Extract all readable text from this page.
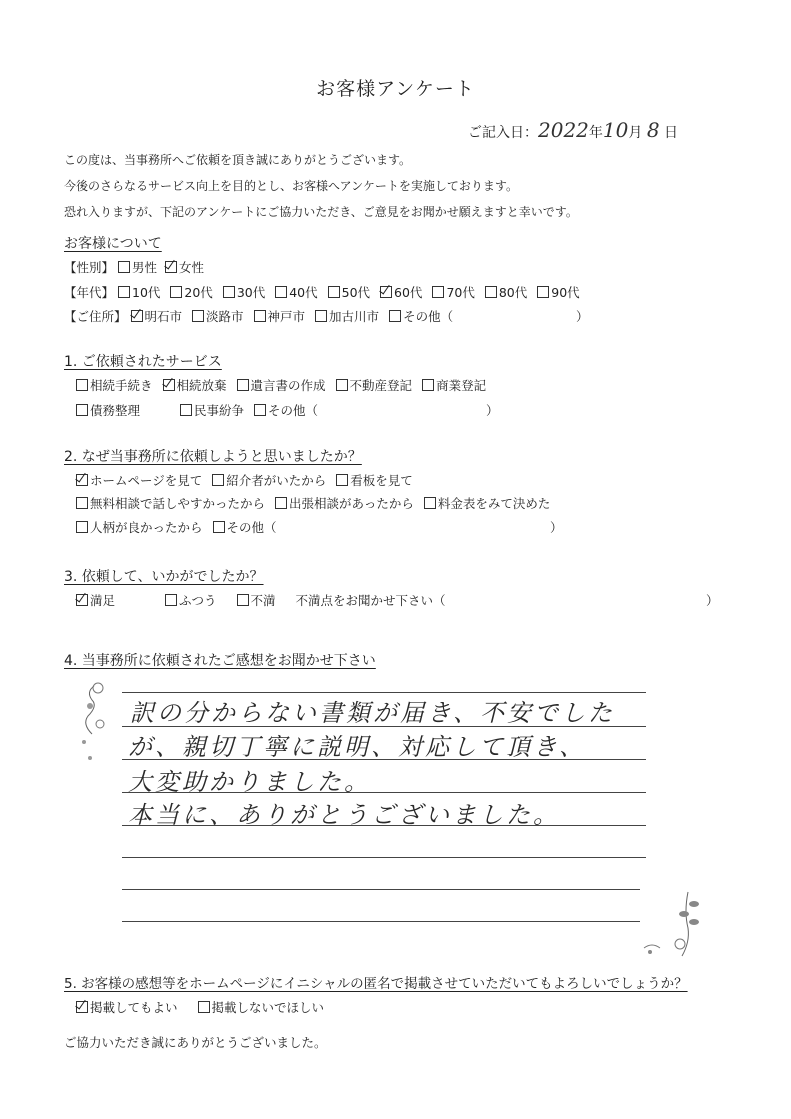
お客様アンケート
ご記入日：2022年10月 8 日
この度は、当事務所へご依頼を頂き誠にありがとうございます。
今後のさらなるサービス向上を目的とし、お客様へアンケートを実施しております。
恐れ入りますが、下記のアンケートにご協力いただき、ご意見をお聞かせ願えますと幸いです。
お客様について
【性別】 男性 女性
【年代】 10代 20代 30代 40代 50代 60代 70代 80代 90代
【ご住所】 明石市 淡路市 神戸市 加古川市 その他（	）
1. ご依頼されたサービス
相続手続き 相続放棄 遺言書の作成 不動産登記 商業登記
債務整理	民事紛争 その他（	）
2. なぜ当事務所に依頼しようと思いましたか？
ホームページを見て 紹介者がいたから 看板を見て
無料相談で話しやすかったから 出張相談があったから 料金表をみて決めた
人柄が良かったから その他（	）
3. 依頼して、いかがでしたか？
満足	ふつう	不満 不満点をお聞かせ下さい（	）
4. 当事務所に依頼されたご感想をお聞かせ下さい
訳の分からない書類が届き、不安でした
が、親切丁寧に説明、対応して頂き、
大変助かりました。
本当に、ありがとうございました。
5. お客様の感想等をホームページにイニシャルの匿名で掲載させていただいてもよろしいでしょうか？
掲載してもよい	掲載しないでほしい
ご協力いただき誠にありがとうございました。
